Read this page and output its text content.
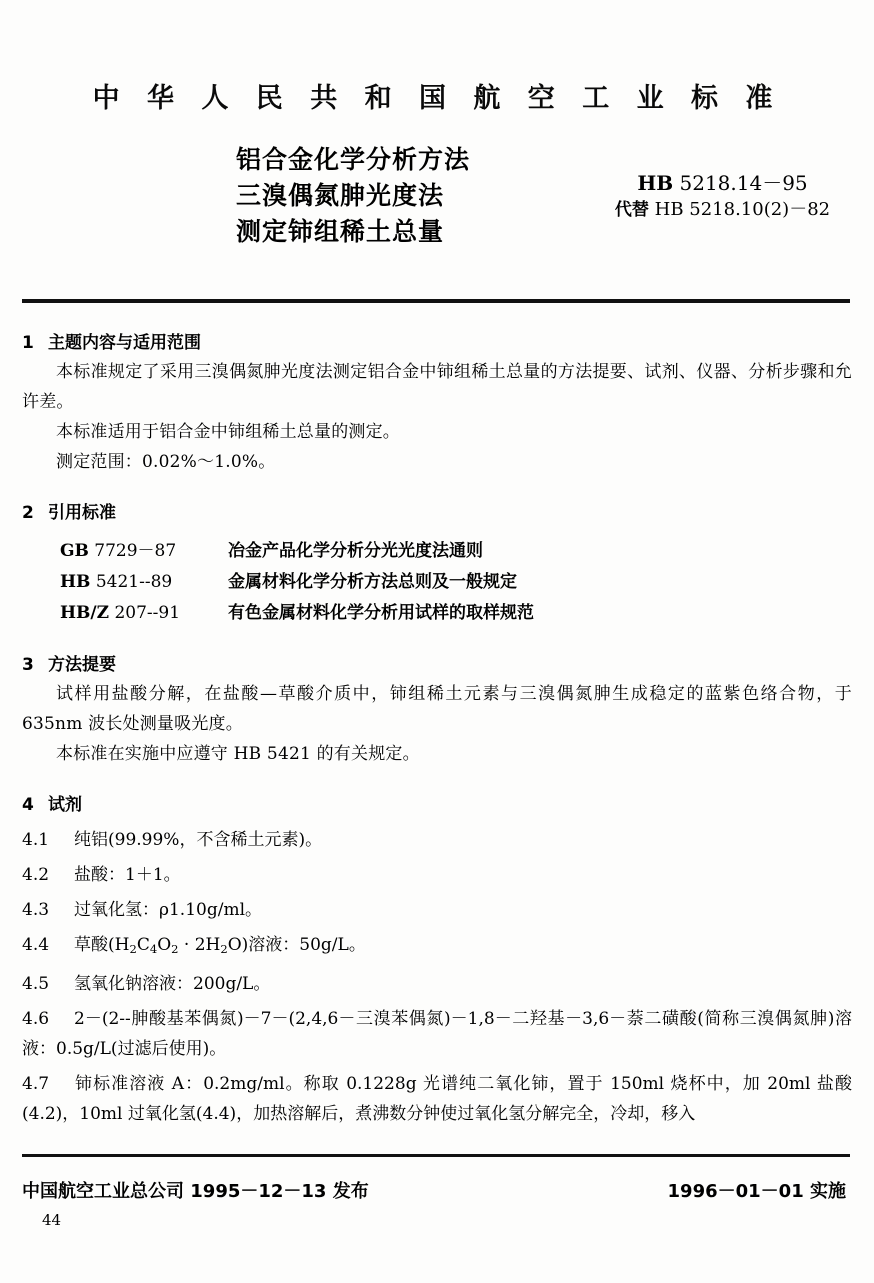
中 华 人 民 共 和 国 航 空 工 业 标 准
铝合金化学分析方法
三溴偶氮胂光度法
测定铈组稀土总量
HB 5218.14－95
代替 HB 5218.10(2)－82
1 主题内容与适用范围

本标准规定了采用三溴偶氮胂光度法测定铝合金中铈组稀土总量的方法提要、试剂、仪器、分析步骤和允许差。

本标准适用于铝合金中铈组稀土总量的测定。

测定范围：0.02%～1.0%。

2 引用标准
GB 7729－87	冶金产品化学分析分光光度法通则
HB 5421--89	金属材料化学分析方法总则及一般规定
HB/Z 207--91	有色金属材料化学分析用试样的取样规范
3 方法提要

试样用盐酸分解，在盐酸—草酸介质中，铈组稀土元素与三溴偶氮胂生成稳定的蓝紫色络合物，于 635nm 波长处测量吸光度。

本标准在实施中应遵守 HB 5421 的有关规定。

4 试剂
4.1 纯铝(99.99%，不含稀土元素)。
4.2 盐酸：1＋1。
4.3 过氧化氢：ρ1.10g/ml。
4.4 草酸$(H_2C_4O_2 \cdot 2H_2O)$溶液：50g/L。
4.5 氢氧化钠溶液：200g/L。
4.6 2－(2--胂酸基苯偶氮)－7－(2,4,6－三溴苯偶氮)－1,8－二羟基－3,6－萘二磺酸(简称三溴偶氮胂)溶液：0.5g/L(过滤后使用)。
4.7 铈标准溶液 A：0.2mg/ml。称取 0.1228g 光谱纯二氧化铈，置于 150ml 烧杯中，加 20ml 盐酸(4.2)，10ml 过氧化氢(4.4)，加热溶解后，煮沸数分钟使过氧化氢分解完全，冷却，移入
中国航空工业总公司 1995－12－13 发布	1996－01－01 实施
44
